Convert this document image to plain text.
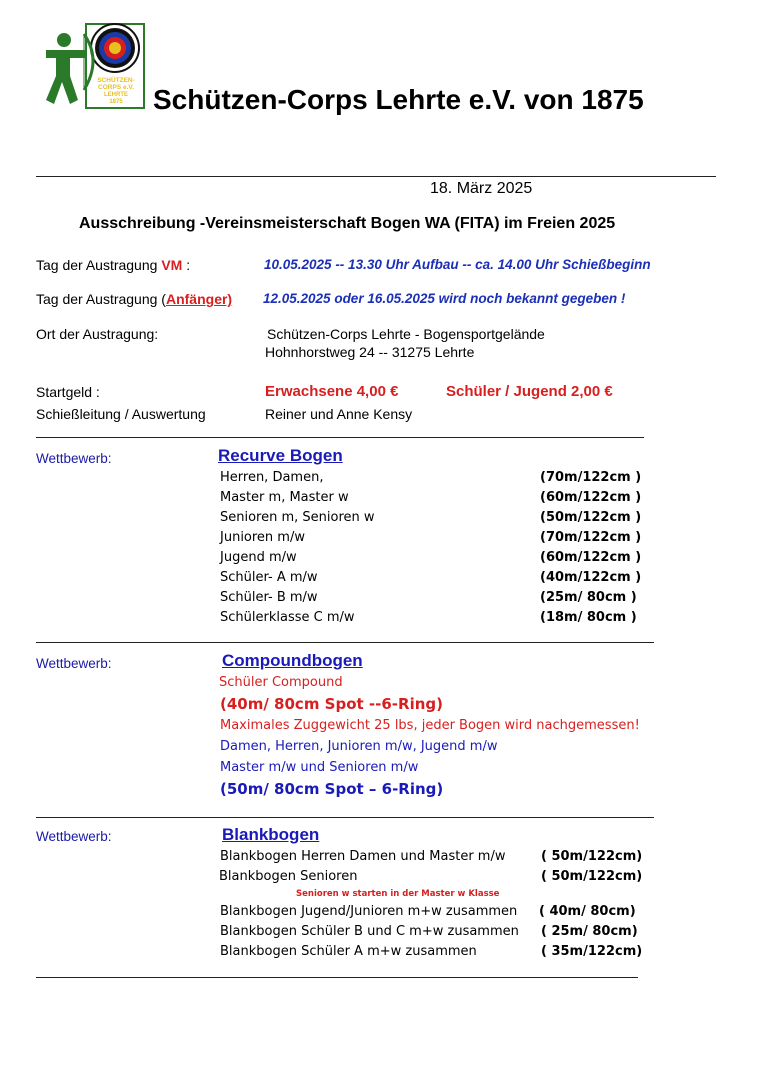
SCHÜTZEN-
CORPS e.V.
LEHRTE
1875 Schützen-Corps Lehrte e.V. von 1875
18. März 2025
Ausschreibung -Vereinsmeisterschaft Bogen WA (FITA) im Freien 2025
Tag der Austragung VM :	10.05.2025 -- 13.30 Uhr Aufbau -- ca. 14.00 Uhr Schießbeginn
Tag der Austragung (Anfänger) 12.05.2025 oder 16.05.2025 wird noch bekannt gegeben !
Ort der Austragung:	Schützen-Corps Lehrte - Bogensportgelände
Hohnhorstweg 24 -- 31275 Lehrte
Startgeld :	Erwachsene 4,00 €	Schüler / Jugend 2,00 €
Schießleitung / Auswertung	Reiner und Anne Kensy
Wettbewerb:	Recurve Bogen
Herren, Damen,	(70m/122cm )
Master m, Master w	(60m/122cm )
Senioren m, Senioren w	(50m/122cm )
Junioren m/w	(70m/122cm )
Jugend m/w	(60m/122cm )
Schüler- A m/w	(40m/122cm )
Schüler- B m/w	(25m/ 80cm )
Schülerklasse C m/w	(18m/ 80cm )
Wettbewerb:	Compoundbogen
Schüler Compound
(40m/ 80cm Spot --6-Ring)
Maximales Zuggewicht 25 lbs, jeder Bogen wird nachgemessen!
Damen, Herren, Junioren m/w, Jugend m/w
Master m/w und Senioren m/w
(50m/ 80cm Spot – 6-Ring)
Wettbewerb:	Blankbogen
Blankbogen Herren Damen und Master m/w	( 50m/122cm)
Blankbogen Senioren	( 50m/122cm)
Senioren w starten in der Master w Klasse
Blankbogen Jugend/Junioren m+w zusammen ( 40m/ 80cm)
Blankbogen Schüler B und C m+w zusammen ( 25m/ 80cm)
Blankbogen Schüler A m+w zusammen	( 35m/122cm)
